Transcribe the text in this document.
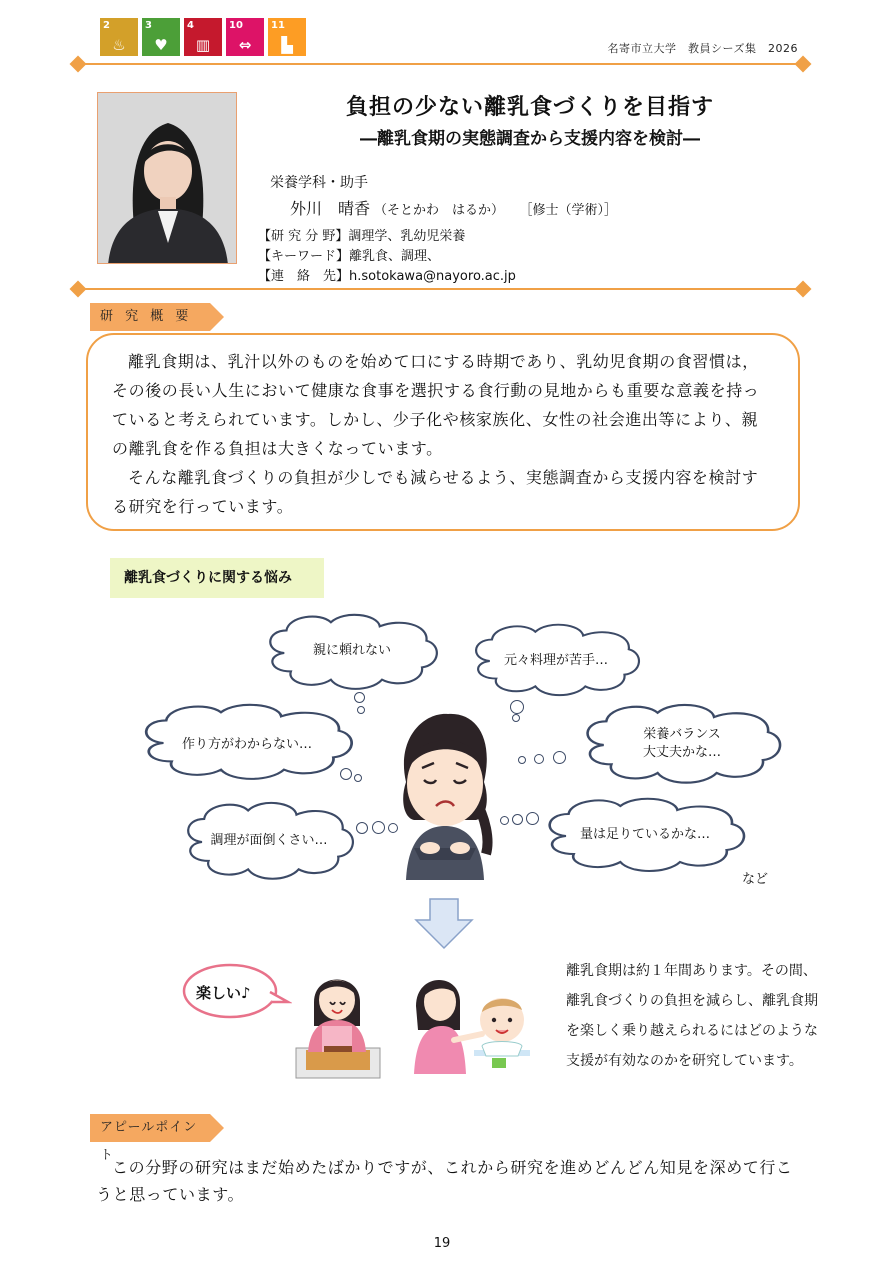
2
♨
3
♥
4
▥
10
⇔
11
▙	名寄市立大学　教員シーズ集　2026
負担の少ない離乳食づくりを目指す
―離乳食期の実態調査から支援内容を検討―
栄養学科・助手
外川　晴香 （そとかわ　はるか） ［修士（学術）］
【研 究 分 野】調理学、乳幼児栄養
【キーワード】離乳食、調理、
【連　絡　先】h.sotokawa@nayoro.ac.jp
研 究 概 要

離乳食期は、乳汁以外のものを始めて口にする時期であり、乳幼児食期の食習慣は，その後の長い人生において健康な食事を選択する食行動の見地からも重要な意義を持っていると考えられています。しかし、少子化や核家族化、女性の社会進出等により、親の離乳食を作る負担は大きくなっています。

そんな離乳食づくりの負担が少しでも減らせるよう、実態調査から支援内容を検討する研究を行っています。

離乳食づくりに関する悩み
親に頼れない
元々料理が苦手…
作り方がわからない…
栄養バランス
大丈夫かな…
調理が面倒くさい…	量は足りているかな…
など
楽しい♪
離乳食期は約１年間あります。その間、離乳食づくりの負担を減らし、離乳食期を楽しく乗り越えられるにはどのような支援が有効なのかを研究しています。
アピールポイント
この分野の研究はまだ始めたばかりですが、これから研究を進めどんどん知見を深めて行こうと思っています。
19
